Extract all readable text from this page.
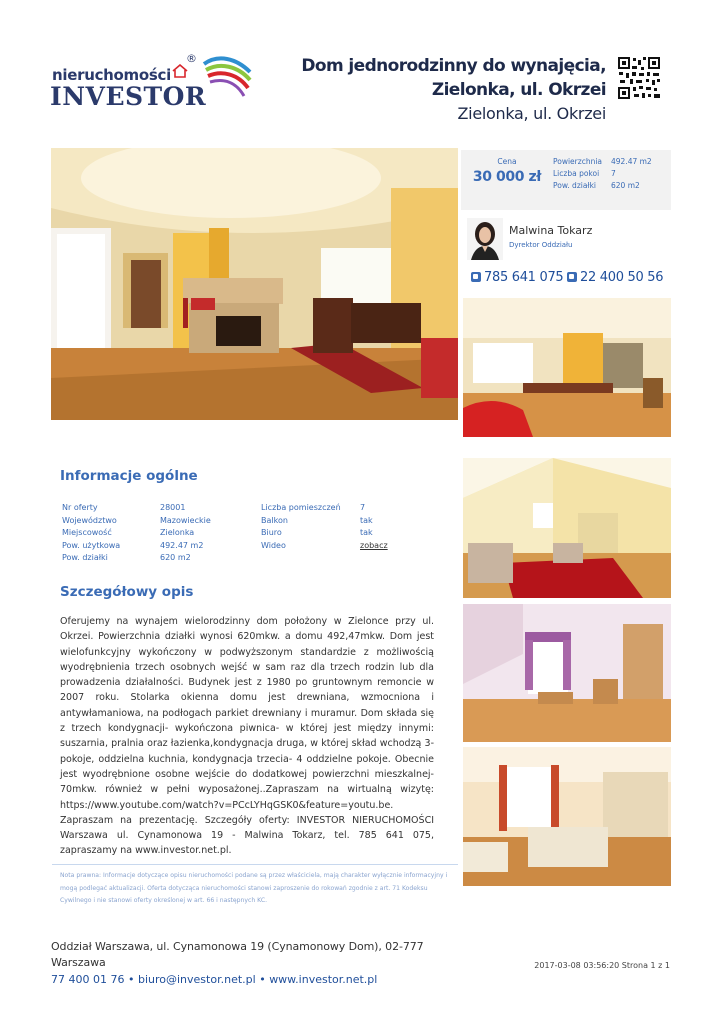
nieruchomości
INVESTOR
®	Dom jednorodzinny do wynajęcia, Zielonka, ul. Okrzei
Zielonka, ul. Okrzei
Cena
30 000 zł
Powierzchnia 492.47 m2
Liczba pokoi 7
Pow. działki 620 m2
Malwina Tokarz
Dyrektor Oddziału
785 641 075	22 400 50 56
Informacje ogólne
Nr oferty	28001	Liczba pomieszczeń 7
Województwo	Mazowieckie	Balkon	tak
Miejscowość	Zielonka	Biuro	tak
Pow. użytkowa	492.47 m2	Wideo	zobacz
Pow. działki	620 m2
Szczegółowy opis
Oferujemy na wynajem wielorodzinny dom położony w Zielonce przy ul. Okrzei. Powierzchnia działki wynosi 620mkw. a domu 492,47mkw. Dom jest wielofunkcyjny wykończony w podwyższonym standardzie z możliwością wyodrębnienia trzech osobnych wejść w sam raz dla trzech rodzin lub dla prowadzenia działalności. Budynek jest z 1980 po gruntownym remoncie w 2007 roku. Stolarka okienna domu jest drewniana, wzmocniona i antywłamaniowa, na podłogach parkiet drewniany i muramur. Dom składa się z trzech kondygnacji- wykończona piwnica- w której jest między innymi: suszarnia, pralnia oraz łazienka,kondygnacja druga, w której skład wchodzą 3-pokoje, oddzielna kuchnia, kondygnacja trzecia- 4 oddzielne pokoje. Obecnie jest wyodrębnione osobne wejście do dodatkowej powierzchni mieszkalnej-70mkw. również w pełni wyposażonej..Zapraszam na wirtualną wizytę: https://www.youtube.com/watch?v=PCcLYHqGSK0&feature=youtu.be. Zapraszam na prezentację. Szczegóły oferty: INVESTOR NIERUCHOMOŚCI Warszawa ul. Cynamonowa 19 - Malwina Tokarz, tel. 785 641 075, zapraszamy na www.investor.net.pl.
Nota prawna: Informacje dotyczące opisu nieruchomości podane są przez właściciela, mają charakter wyłącznie informacyjny i mogą podlegać aktualizacji. Oferta dotycząca nieruchomości stanowi zaproszenie do rokowań zgodnie z art. 71 Kodeksu Cywilnego i nie stanowi oferty określonej w art. 66 i następnych KC.
Oddział Warszawa, ul. Cynamonowa 19 (Cynamonowy Dom), 02-777 Warszawa
77 400 01 76 • biuro@investor.net.pl • www.investor.net.pl
2017-03-08 03:56:20 Strona 1 z 1
